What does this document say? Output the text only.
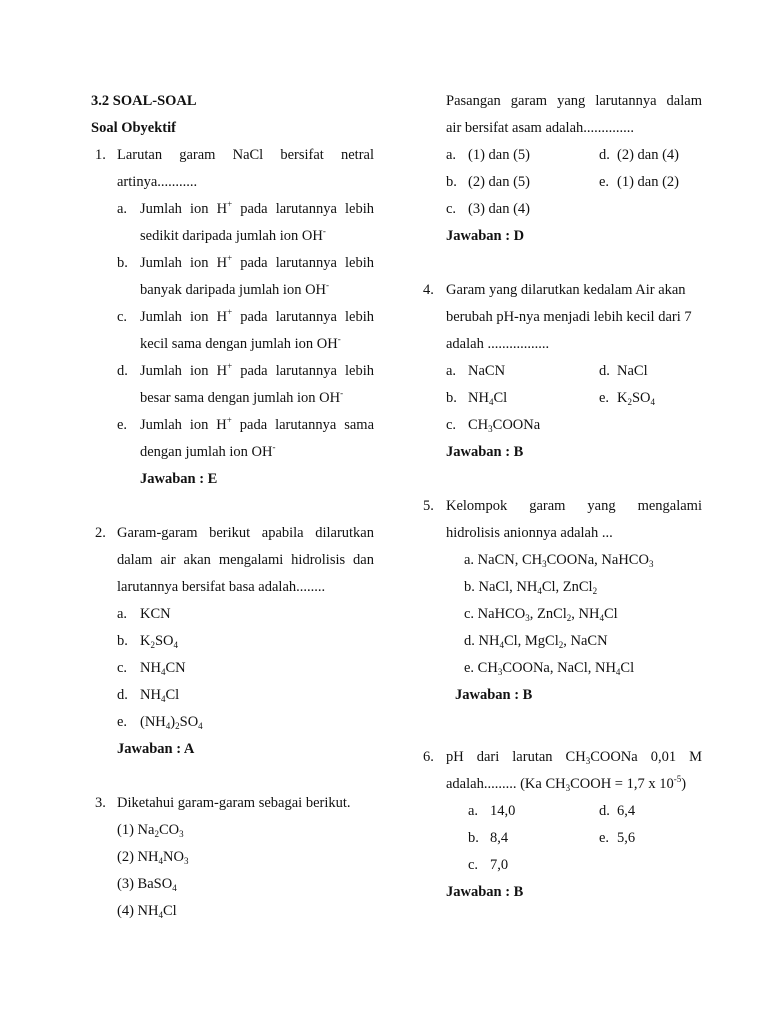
3.2 SOAL-SOAL
Soal Obyektif
1. Larutan garam NaCl bersifat netral
artinya...........
a. Jumlah ion H+ pada larutannya lebih
sedikit daripada jumlah ion OH-
b. Jumlah ion H+ pada larutannya lebih
banyak daripada jumlah ion OH-
c. Jumlah ion H+ pada larutannya lebih
kecil sama dengan jumlah ion OH-
d. Jumlah ion H+ pada larutannya lebih
besar sama dengan jumlah ion OH-
e. Jumlah ion H+ pada larutannya sama
dengan jumlah ion OH-
Jawaban : E
2. Garam-garam berikut apabila dilarutkan
dalam air akan mengalami hidrolisis dan
larutannya bersifat basa adalah........
a. KCN
b. $K_2SO_4$
c. $NH_4CN$
d. $NH_4Cl$
e. $(NH_4)_2SO_4$
Jawaban : A
3. Diketahui garam-garam sebagai berikut.
(1) $Na_2CO_3$
(2) $NH_4NO_3$
(3) BaSO$_4$
(4) $NH_4Cl$
Pasangan garam yang larutannya dalam
air bersifat asam adalah..............
a. (1) dan (5)	d. (2) dan (4)
b. (2) dan (5)	e. (1) dan (2)
c. (3) dan (4)
Jawaban : D
4. Garam yang dilarutkan kedalam Air akan
berubah pH-nya menjadi lebih kecil dari 7
adalah .................
a. NaCN	d. NaCl
b. $NH_4Cl$	e. $K_2SO_4$
c. $CH_3COONa$
Jawaban : B
5. Kelompok garam yang mengalami
hidrolisis anionnya adalah ...
a. NaCN, $CH_3COONa$, NaHCO$_3$
b. NaCl, $NH_4Cl$, ZnCl$_2$
c. NaHCO$_3$, ZnCl$_2$, $NH_4Cl$
d. $NH_4Cl$, MgCl$_2$, NaCN
e. $CH_3COONa$, NaCl, $NH_4Cl$
Jawaban : B
6. pH dari larutan $CH_3COONa$ 0,01 M
adalah......... (Ka $CH_3COOH = 1,7$ x $10^{-5}$)
a. 14,0	d. 6,4
b. 8,4	e. 5,6
c. 7,0
Jawaban : B
